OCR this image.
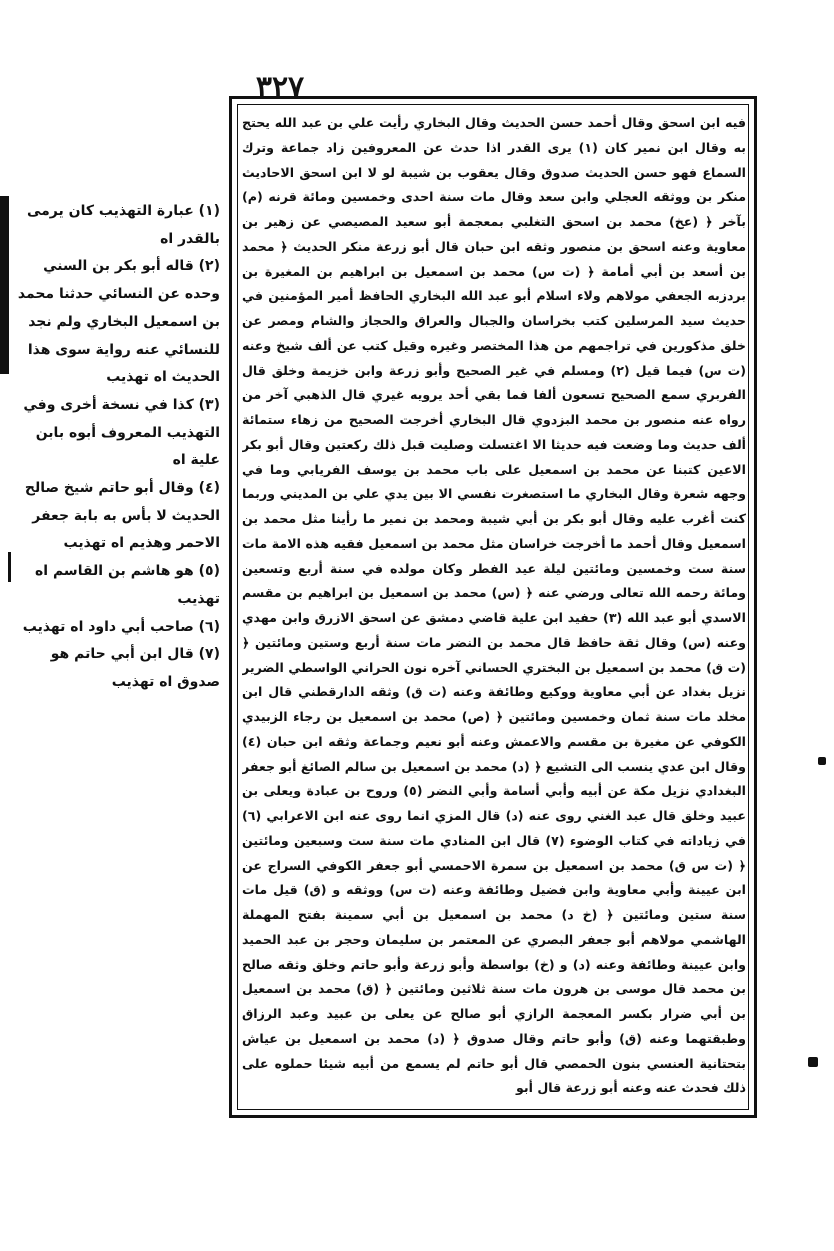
٣٢٧

فيه ابن اسحق وقال أحمد حسن الحديث وقال البخاري رأيت علي بن عبد الله يحتج به وقال ابن نمير كان (١) يرى القدر اذا حدث عن المعروفين زاد جماعة وترك السماع فهو حسن الحديث صدوق وقال يعقوب بن شيبة لو لا ابن اسحق الاحاديث منكر بن ووثقه العجلي وابن سعد وقال مات سنة احدى وخمسين ومائة قرنه (م) بآخر ﴿ (عخ) محمد بن اسحق التغلبي بمعجمة أبو سعيد المصيصي عن زهير بن معاوية وعنه اسحق بن منصور وثقه ابن حبان قال أبو زرعة منكر الحديث ﴿ محمد بن أسعد بن أبي أمامة ﴿ (ت س) محمد بن اسمعيل بن ابراهيم بن المغيرة بن بردزبه الجعفي مولاهم ولاء اسلام أبو عبد الله البخاري الحافظ أمير المؤمنين في حديث سيد المرسلين كتب بخراسان والجبال والعراق والحجاز والشام ومصر عن خلق مذكورين في تراجمهم من هذا المختصر وغيره وقيل كتب عن ألف شيخ وعنه (ت س) فيما قيل (٢) ومسلم في غير الصحيح وأبو زرعة وابن خزيمة وخلق قال الفربري سمع الصحيح تسعون ألفا فما بقي أحد يرويه غيري قال الذهبي آخر من رواه عنه منصور بن محمد البزدوي قال البخاري أخرجت الصحيح من زهاء ستمائة ألف حديث وما وضعت فيه حديثا الا اغتسلت وصليت قبل ذلك ركعتين وقال أبو بكر الاعين كتبنا عن محمد بن اسمعيل على باب محمد بن يوسف الفريابي وما في وجهه شعرة وقال البخاري ما استصغرت نفسي الا بين يدي علي بن المديني وربما كنت أغرب عليه وقال أبو بكر بن أبي شيبة ومحمد بن نمير ما رأينا مثل محمد بن اسمعيل وقال أحمد ما أخرجت خراسان مثل محمد بن اسمعيل فقيه هذه الامة مات سنة ست وخمسين ومائتين ليلة عيد الفطر وكان مولده في سنة أربع وتسعين ومائة رحمه الله تعالى ورضي عنه ﴿ (س) محمد بن اسمعيل بن ابراهيم بن مقسم الاسدي أبو عبد الله (٣) حفيد ابن علية قاضي دمشق عن اسحق الازرق وابن مهدي وعنه (س) وقال ثقة حافظ قال محمد بن النضر مات سنة أربع وستين ومائتين ﴿ (ت ق) محمد بن اسمعيل بن البختري الحساني آخره نون الحراني الواسطي الضرير نزيل بغداد عن أبي معاوية ووكيع وطائفة وعنه (ت ق) وثقه الدارقطني قال ابن مخلد مات سنة ثمان وخمسين ومائتين ﴿ (ص) محمد بن اسمعيل بن رجاء الزبيدي الكوفي عن مغيرة بن مقسم والاعمش وعنه أبو نعيم وجماعة وثقه ابن حبان (٤) وقال ابن عدي ينسب الى التشيع ﴿ (د) محمد بن اسمعيل بن سالم الصائغ أبو جعفر البغدادي نزيل مكة عن أبيه وأبي أسامة وأبي النضر (٥) وروح بن عبادة ويعلى بن عبيد وخلق قال عبد الغني روى عنه (د) قال المزي انما روى عنه ابن الاعرابي (٦) في زياداته في كتاب الوضوء (٧) قال ابن المنادي مات سنة ست وسبعين ومائتين ﴿ (ت س ق) محمد بن اسمعيل بن سمرة الاحمسي أبو جعفر الكوفي السراج عن ابن عيينة وأبي معاوية وابن فضيل وطائفة وعنه (ت س) ووثقه و (ق) قيل مات سنة ستين ومائتين ﴿ (خ د) محمد بن اسمعيل بن أبي سمينة بفتح المهملة الهاشمي مولاهم أبو جعفر البصري عن المعتمر بن سليمان وحجر بن عبد الحميد وابن عيينة وطائفة وعنه (د) و (خ) بواسطة وأبو زرعة وأبو حاتم وخلق وثقه صالح بن محمد قال موسى بن هرون مات سنة ثلاثين ومائتين ﴿ (ق) محمد بن اسمعيل بن أبي ضرار بكسر المعجمة الرازي أبو صالح عن يعلى بن عبيد وعبد الرزاق وطبقتهما وعنه (ق) وأبو حاتم وقال صدوق ﴿ (د) محمد بن اسمعيل بن عياش بتحتانية العنسي بنون الحمصي قال أبو حاتم لم يسمع من أبيه شيئا حملوه على ذلك فحدث عنه وعنه أبو زرعة قال أبو

(١) عبارة التهذيب كان يرمى بالقدر اه

(٢) قاله أبو بكر بن السني وحده عن النسائي حدثنا محمد بن اسمعيل البخاري ولم نجد للنسائي عنه رواية سوى هذا الحديث اه تهذيب

(٣) كذا في نسخة أخرى وفي التهذيب المعروف أبوه بابن علية اه

(٤) وقال أبو حاتم شيخ صالح الحديث لا بأس به بابة جعفر الاحمر وهذيم اه تهذيب

(٥) هو هاشم بن القاسم اه تهذيب

(٦) صاحب أبي داود اه تهذيب

(٧) قال ابن أبي حاتم هو صدوق اه تهذيب
